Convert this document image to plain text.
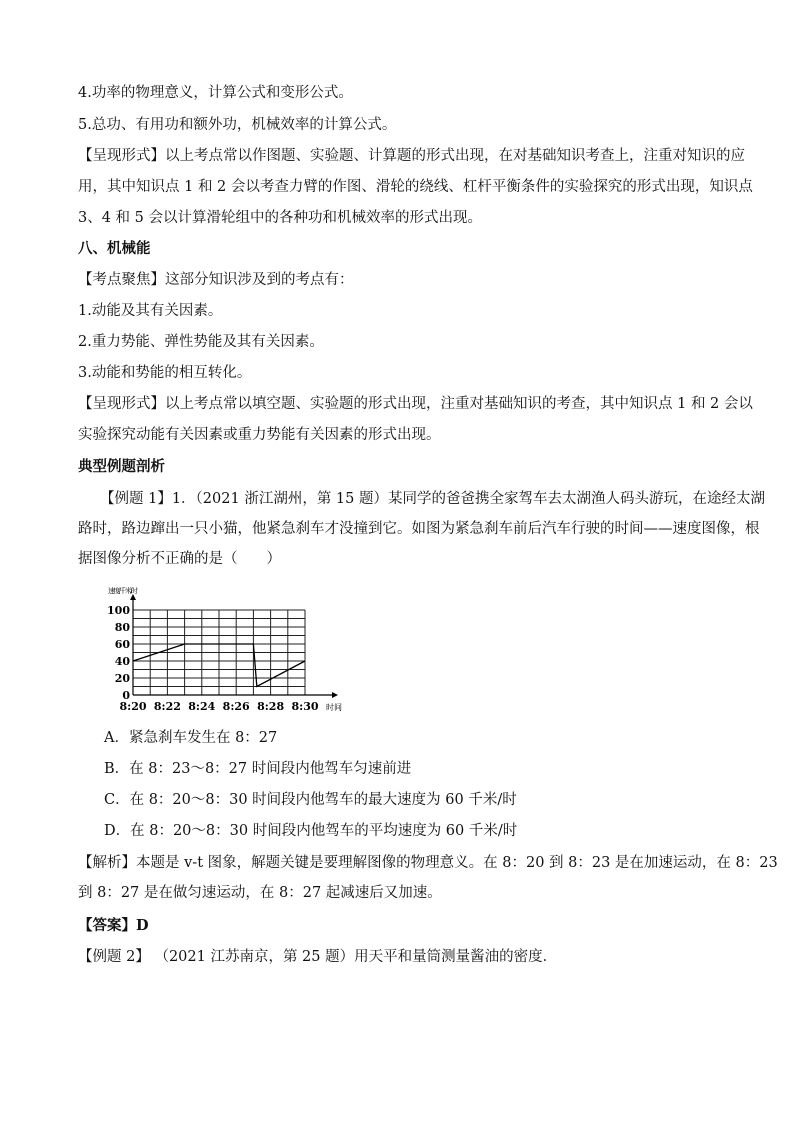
4.功率的物理意义，计算公式和变形公式。
5.总功、有用功和额外功，机械效率的计算公式。
【呈现形式】以上考点常以作图题、实验题、计算题的形式出现，在对基础知识考查上，注重对知识的应
用，其中知识点 1 和 2 会以考查力臂的作图、滑轮的绕线、杠杆平衡条件的实验探究的形式出现，知识点
3、4 和 5 会以计算滑轮组中的各种功和机械效率的形式出现。
八、机械能
【考点聚焦】这部分知识涉及到的考点有：
1.动能及其有关因素。
2.重力势能、弹性势能及其有关因素。
3.动能和势能的相互转化。
【呈现形式】以上考点常以填空题、实验题的形式出现，注重对基础知识的考查，其中知识点 1 和 2 会以
实验探究动能有关因素或重力势能有关因素的形式出现。
典型例题剖析
【例题 1】1．（2021 浙江湖州，第 15 题）某同学的爸爸携全家驾车去太湖渔人码头游玩，在途经太湖
路时，路边蹿出一只小猫，他紧急刹车才没撞到它。如图为紧急刹车前后汽车行驶的时间——速度图像，根
据图像分析不正确的是（　　）
0
20
40
60
80
100
8:20 8:22 8:24 8:26 8:28 8:30
速度/千米/时
时间
A．紧急刹车发生在 8：27
B．在 8：23～8：27 时间段内他驾车匀速前进
C．在 8：20～8：30 时间段内他驾车的最大速度为 60 千米/时
D．在 8：20～8：30 时间段内他驾车的平均速度为 60 千米/时
【解析】本题是 v-t 图象，解题关键是要理解图像的物理意义。在 8：20 到 8：23 是在加速运动，在 8：23
到 8：27 是在做匀速运动，在 8：27 起减速后又加速。
【答案】D
【例题 2】 （2021 江苏南京，第 25 题）用天平和量筒测量酱油的密度．
